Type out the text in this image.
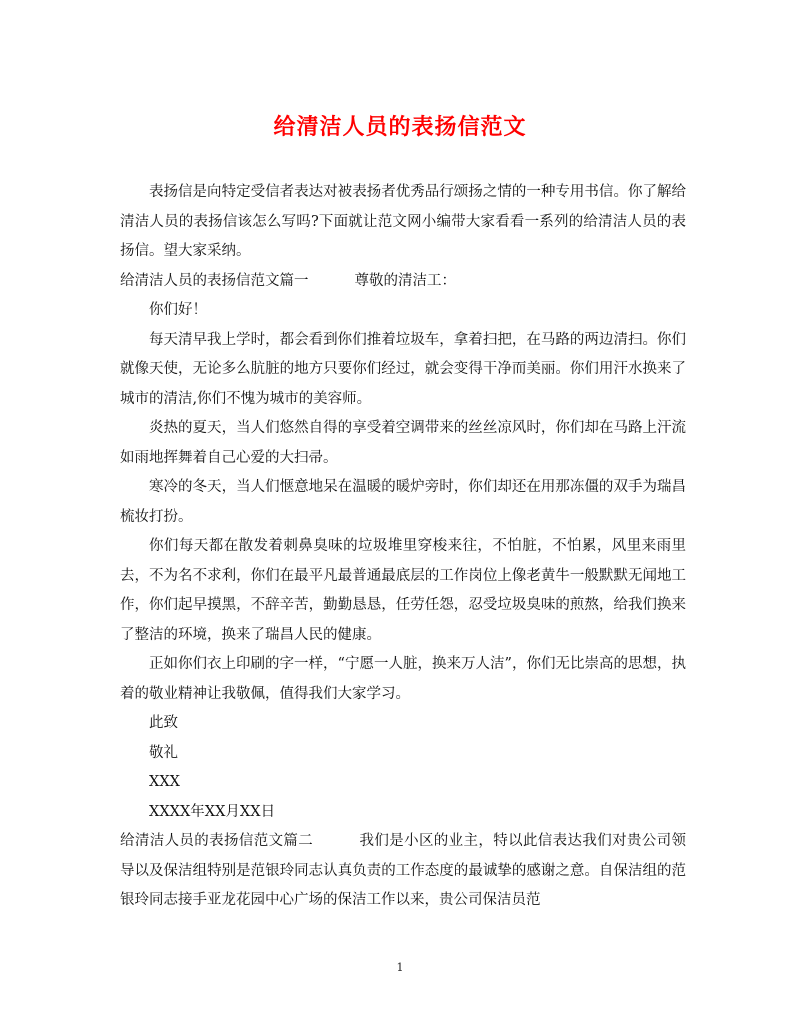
给清洁人员的表扬信范文

表扬信是向特定受信者表达对被表扬者优秀品行颂扬之情的一种专用书信。你了解给清洁人员的表扬信该怎么写吗?下面就让范文网小编带大家看看一系列的给清洁人员的表扬信。望大家采纳。

给清洁人员的表扬信范文篇一	尊敬的清洁工：

你们好！

每天清早我上学时，都会看到你们推着垃圾车，拿着扫把，在马路的两边清扫。你们就像天使，无论多么肮脏的地方只要你们经过，就会变得干净而美丽。你们用汗水换来了城市的清洁,你们不愧为城市的美容师。

炎热的夏天，当人们悠然自得的享受着空调带来的丝丝凉风时，你们却在马路上汗流如雨地挥舞着自己心爱的大扫帚。

寒冷的冬天，当人们惬意地呆在温暖的暖炉旁时，你们却还在用那冻僵的双手为瑞昌梳妆打扮。

你们每天都在散发着刺鼻臭味的垃圾堆里穿梭来往，不怕脏，不怕累，风里来雨里去，不为名不求利，你们在最平凡最普通最底层的工作岗位上像老黄牛一般默默无闻地工作，你们起早摸黑，不辞辛苦，勤勤恳恳，任劳任怨，忍受垃圾臭味的煎熬，给我们换来了整洁的环境，换来了瑞昌人民的健康。

正如你们衣上印刷的字一样，“宁愿一人脏，换来万人洁”，你们无比崇高的思想，执着的敬业精神让我敬佩，值得我们大家学习。

此致

敬礼

XXX

XXXX年XX月XX日

给清洁人员的表扬信范文篇二	我们是小区的业主，特以此信表达我们对贵公司领导以及保洁组特别是范银玲同志认真负责的工作态度的最诚挚的感谢之意。自保洁组的范银玲同志接手亚龙花园中心广场的保洁工作以来，贵公司保洁员范

1
